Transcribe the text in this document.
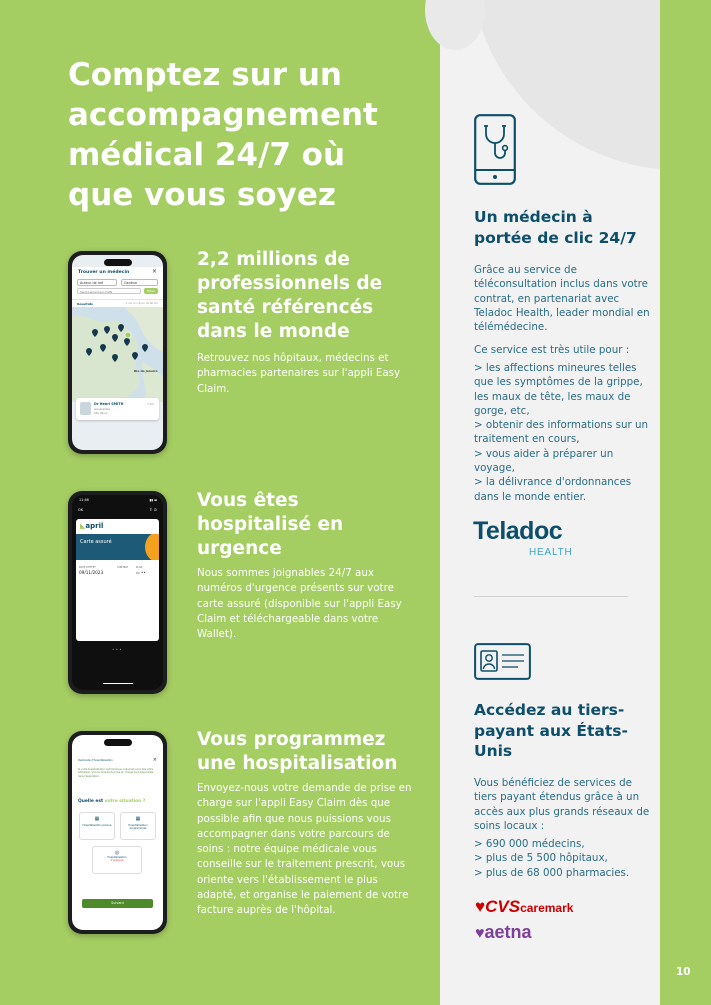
Comptez sur un accompagnement médical 24/7 où que vous soyez
Trouver un médecin	×
Auteur de mé	Genève
Saint-Laurent-sur-LYON	Filtrer
Résultats	1 sur un rayon de 80 km
Rio de Janeiro
Dr Henri SMITH
Généraliste
São Paulo
7 km
2,2 millions de professionnels de santé référencés dans le monde
Retrouvez nos hôpitaux, médecins et pharmacies partenaires sur l'appli Easy Claim.
11:46	▮▮ ▬
OK	⇪ ⊙
◣april
Carte assuré
DATE D'EFFET
09/11/2023
CONTRAT	PLAN
▭ ••
• • •
Vous êtes hospitalisé en urgence
Nous sommes joignables 24/7 aux numéros d'urgence présents sur votre carte assuré (disponible sur l'appli Easy Claim et téléchargeable dans votre Wallet).
Demande d'hospitalisation	×
Si votre hospitalisation est imprévue, prévenez-nous dès votre admission. Vos documents de prise en charge sont disponibles dans l'application.
Quelle est votre situation ?
▦
Hospitalisation prévue
▦
Hospitalisation programmée
◎
Hospitalisation
d'urgence
Suivant
Vous programmez une hospitalisation
Envoyez-nous votre demande de prise en charge sur l'appli Easy Claim dès que possible afin que nous puissions vous accompagner dans votre parcours de soins : notre équipe médicale vous conseille sur le traitement prescrit, vous oriente vers l'établissement le plus adapté, et organise le paiement de votre facture auprès de l'hôpital.
Un médecin à portée de clic 24/7
Grâce au service de téléconsultation inclus dans votre contrat, en partenariat avec Teladoc Health, leader mondial en télémédecine.
Ce service est très utile pour :
> les affections mineures telles que les symptômes de la grippe, les maux de tête, les maux de gorge, etc,
> obtenir des informations sur un traitement en cours,
> vous aider à préparer un voyage,
> la délivrance d'ordonnances dans le monde entier.
Teladoc
HEALTH
Accédez au tiers-payant aux États-Unis
Vous bénéficiez de services de tiers payant étendus grâce à un accès aux plus grands réseaux de soins locaux :
> 690 000 médecins,
> plus de 5 500 hôpitaux,
> plus de 68 000 pharmacies.
♥CVScaremark
♥aetna
10
